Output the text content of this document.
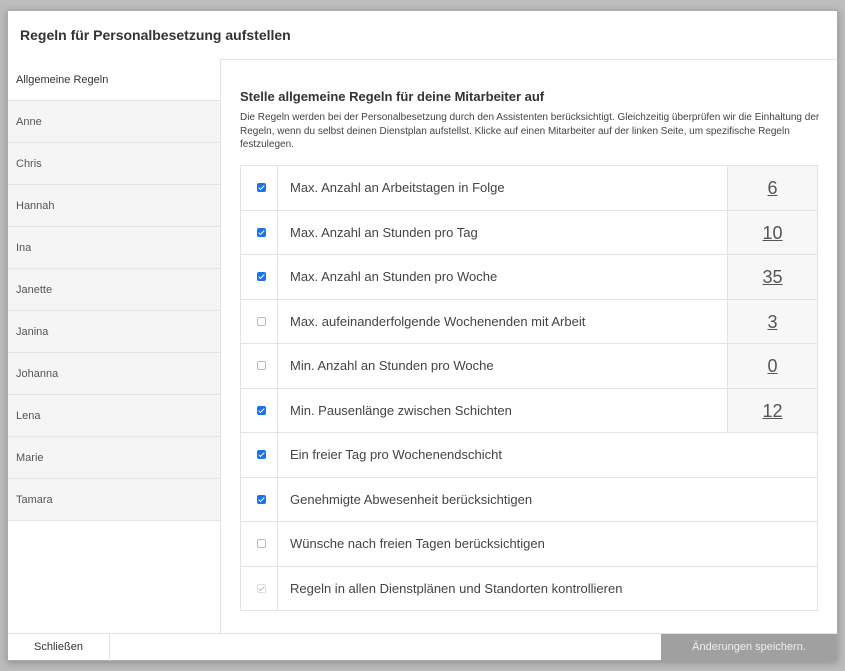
Regeln für Personalbesetzung aufstellen
Allgemeine Regeln
Anne
Chris
Hannah
Ina
Janette
Janina
Johanna
Lena
Marie
Tamara
Stelle allgemeine Regeln für deine Mitarbeiter auf
Die Regeln werden bei der Personalbesetzung durch den Assistenten berücksichtigt. Gleichzeitig überprüfen wir die Einhaltung der Regeln, wenn du selbst deinen Dienstplan aufstellst. Klicke auf einen Mitarbeiter auf der linken Seite, um spezifische Regeln festzulegen.
Max. Anzahl an Arbeitstagen in Folge	6
Max. Anzahl an Stunden pro Tag	10
Max. Anzahl an Stunden pro Woche	35
Max. aufeinanderfolgende Wochenenden mit Arbeit	3
Min. Anzahl an Stunden pro Woche	0
Min. Pausenlänge zwischen Schichten	12
Ein freier Tag pro Wochenendschicht
Genehmigte Abwesenheit berücksichtigen
Wünsche nach freien Tagen berücksichtigen
Regeln in allen Dienstplänen und Standorten kontrollieren
Schließen	Änderungen speichern.
